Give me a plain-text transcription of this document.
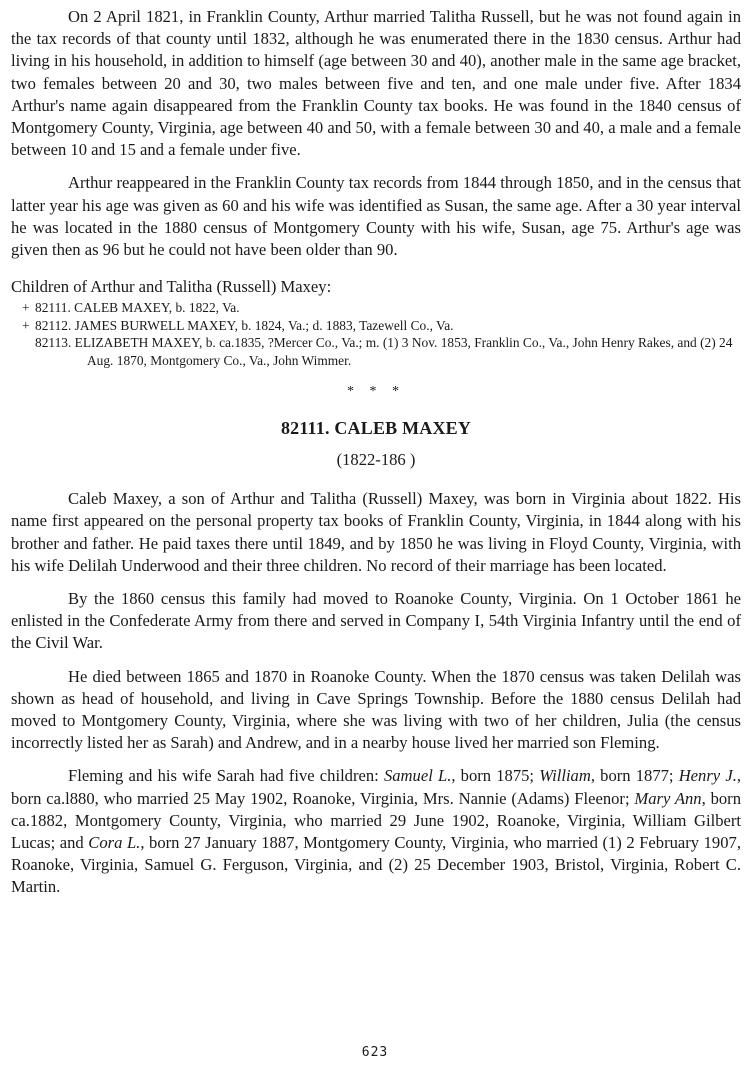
On 2 April 1821, in Franklin County, Arthur married Talitha Russell, but he was not found again in the tax records of that county until 1832, although he was enumerated there in the 1830 census. Arthur had living in his household, in addition to himself (age between 30 and 40), another male in the same age bracket, two females between 20 and 30, two males between five and ten, and one male under five. After 1834 Arthur's name again disappeared from the Franklin County tax books. He was found in the 1840 census of Montgomery County, Virginia, age between 40 and 50, with a female between 30 and 40, a male and a female between 10 and 15 and a female under five.

Arthur reappeared in the Franklin County tax records from 1844 through 1850, and in the census that latter year his age was given as 60 and his wife was identified as Susan, the same age. After a 30 year interval he was located in the 1880 census of Montgomery County with his wife, Susan, age 75. Arthur's age was given then as 96 but he could not have been older than 90.

Children of Arthur and Talitha (Russell) Maxey:
+ 82111. CALEB MAXEY, b. 1822, Va.
+ 82112. JAMES BURWELL MAXEY, b. 1824, Va.; d. 1883, Tazewell Co., Va.
82113. ELIZABETH MAXEY, b. ca.1835, ?Mercer Co., Va.; m. (1) 3 Nov. 1853, Franklin Co., Va., John Henry Rakes, and (2) 24 Aug. 1870, Montgomery Co., Va., John Wimmer.
* * *
82111. CALEB MAXEY
(1822-186 )

Caleb Maxey, a son of Arthur and Talitha (Russell) Maxey, was born in Virginia about 1822. His name first appeared on the personal property tax books of Franklin County, Virginia, in 1844 along with his brother and father. He paid taxes there until 1849, and by 1850 he was living in Floyd County, Virginia, with his wife Delilah Underwood and their three children. No record of their marriage has been located.

By the 1860 census this family had moved to Roanoke County, Virginia. On 1 October 1861 he enlisted in the Confederate Army from there and served in Company I, 54th Virginia Infantry until the end of the Civil War.

He died between 1865 and 1870 in Roanoke County. When the 1870 census was taken Delilah was shown as head of household, and living in Cave Springs Township. Before the 1880 census Delilah had moved to Montgomery County, Virginia, where she was living with two of her children, Julia (the census incorrectly listed her as Sarah) and Andrew, and in a nearby house lived her married son Fleming.

Fleming and his wife Sarah had five children: Samuel L., born 1875; William, born 1877; Henry J., born ca.l880, who married 25 May 1902, Roanoke, Virginia, Mrs. Nannie (Adams) Fleenor; Mary Ann, born ca.1882, Montgomery County, Virginia, who married 29 June 1902, Roanoke, Virginia, William Gilbert Lucas; and Cora L., born 27 January 1887, Montgomery County, Virginia, who married (1) 2 February 1907, Roanoke, Virginia, Samuel G. Ferguson, Virginia, and (2) 25 December 1903, Bristol, Virginia, Robert C. Martin.

623
